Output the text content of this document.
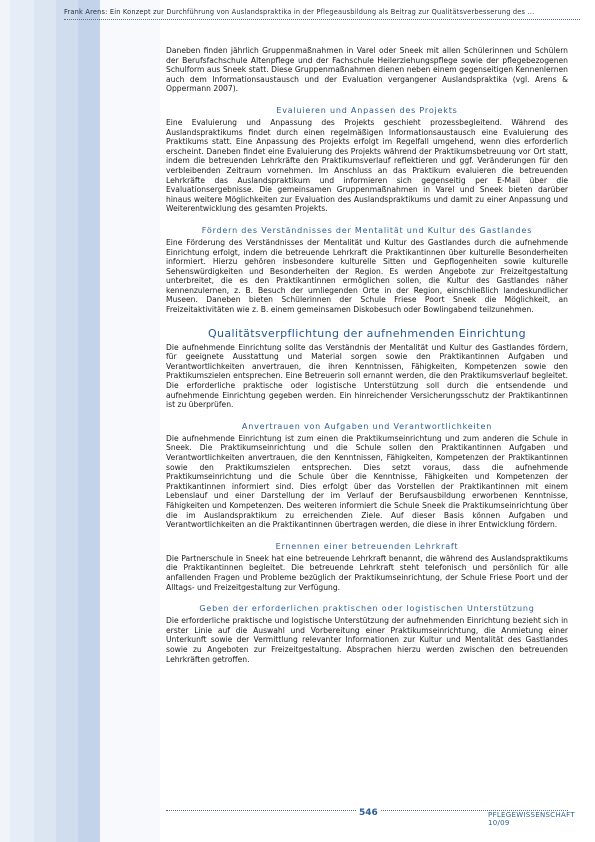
Frank Arens: Ein Konzept zur Durchführung von Auslandspraktika in der Pflegeausbildung als Beitrag zur Qualitätsverbesserung des ...

Daneben finden jährlich Gruppenmaßnahmen in Varel oder Sneek mit allen Schülerinnen und Schülern der Berufsfachschule Altenpflege und der Fachschule Heilerziehungspflege sowie der pflegebezogenen Schulform aus Sneek statt. Diese Gruppenmaßnahmen dienen neben einem gegenseitigen Kennenlernen auch dem Informationsaustausch und der Evaluation vergangener Auslandspraktika (vgl. Arens & Oppermann 2007).

Evaluieren und Anpassen des Projekts

Eine Evaluierung und Anpassung des Projekts geschieht prozessbegleitend. Während des Auslandspraktikums findet durch einen regelmäßigen Informationsaustausch eine Evaluierung des Praktikums statt. Eine Anpassung des Projekts erfolgt im Regelfall umgehend, wenn dies erforderlich erscheint. Daneben findet eine Evaluierung des Projekts während der Praktikumsbetreuung vor Ort statt, indem die betreuenden Lehrkräfte den Praktikumsverlauf reflektieren und ggf. Veränderungen für den verbleibenden Zeitraum vornehmen. Im Anschluss an das Praktikum evaluieren die betreuenden Lehrkräfte das Auslandspraktikum und informieren sich gegenseitig per E-Mail über die Evaluationsergebnisse. Die gemeinsamen Gruppenmaßnahmen in Varel und Sneek bieten darüber hinaus weitere Möglichkeiten zur Evaluation des Auslandspraktikums und damit zu einer Anpassung und Weiterentwicklung des gesamten Projekts.

Fördern des Verständnisses der Mentalität und Kultur des Gastlandes

Eine Förderung des Verständnisses der Mentalität und Kultur des Gastlandes durch die aufnehmende Einrichtung erfolgt, indem die betreuende Lehrkraft die Praktikantinnen über kulturelle Besonderheiten informiert. Hierzu gehören insbesondere kulturelle Sitten und Gepflogenheiten sowie kulturelle Sehenswürdigkeiten und Besonderheiten der Region. Es werden Angebote zur Freizeitgestaltung unterbreitet, die es den Praktikantinnen ermöglichen sollen, die Kultur des Gastlandes näher kennenzulernen, z. B. Besuch der umliegenden Orte in der Region, einschließlich landeskundlicher Museen. Daneben bieten Schülerinnen der Schule Friese Poort Sneek die Möglichkeit, an Freizeitaktivitäten wie z. B. einem gemeinsamen Diskobesuch oder Bowlingabend teilzunehmen.

Qualitätsverpflichtung der aufnehmenden Einrichtung

Die aufnehmende Einrichtung sollte das Verständnis der Mentalität und Kultur des Gastlandes fördern, für geeignete Ausstattung und Material sorgen sowie den Praktikantinnen Aufgaben und Verantwortlichkeiten anvertrauen, die ihren Kenntnissen, Fähigkeiten, Kompetenzen sowie den Praktikumszielen entsprechen. Eine Betreuerin soll ernannt werden, die den Praktikumsverlauf begleitet. Die erforderliche praktische oder logistische Unterstützung soll durch die entsendende und aufnehmende Einrichtung gegeben werden. Ein hinreichender Versicherungsschutz der Praktikantinnen ist zu überprüfen.

Anvertrauen von Aufgaben und Verantwortlichkeiten

Die aufnehmende Einrichtung ist zum einen die Praktikumseinrichtung und zum anderen die Schule in Sneek. Die Praktikumseinrichtung und die Schule sollen den Praktikantinnen Aufgaben und Verantwortlichkeiten anvertrauen, die den Kenntnissen, Fähigkeiten, Kompetenzen der Praktikantinnen sowie den Praktikumszielen entsprechen. Dies setzt voraus, dass die aufnehmende Praktikumseinrichtung und die Schule über die Kenntnisse, Fähigkeiten und Kompetenzen der Praktikantinnen informiert sind. Dies erfolgt über das Vorstellen der Praktikantinnen mit einem Lebenslauf und einer Darstellung der im Verlauf der Berufsausbildung erworbenen Kenntnisse, Fähigkeiten und Kompetenzen. Des weiteren informiert die Schule Sneek die Praktikumseinrichtung über die im Auslandspraktikum zu erreichenden Ziele. Auf dieser Basis können Aufgaben und Verantwortlichkeiten an die Praktikantinnen übertragen werden, die diese in ihrer Entwicklung fördern.

Ernennen einer betreuenden Lehrkraft

Die Partnerschule in Sneek hat eine betreuende Lehrkraft benannt, die während des Auslandspraktikums die Praktikantinnen begleitet. Die betreuende Lehrkraft steht telefonisch und persönlich für alle anfallenden Fragen und Probleme bezüglich der Praktikumseinrichtung, der Schule Friese Poort und der Alltags- und Freizeitgestaltung zur Verfügung.

Geben der erforderlichen praktischen oder logistischen Unterstützung

Die erforderliche praktische und logistische Unterstützung der aufnehmenden Einrichtung bezieht sich in erster Linie auf die Auswahl und Vorbereitung einer Praktikumseinrichtung, die Anmietung einer Unterkunft sowie der Vermittlung relevanter Informationen zur Kultur und Mentalität des Gastlandes sowie zu Angeboten zur Freizeitgestaltung. Absprachen hierzu werden zwischen den betreuenden Lehrkräften getroffen.

546	PFLEGEWISSENSCHAFT 10/09
